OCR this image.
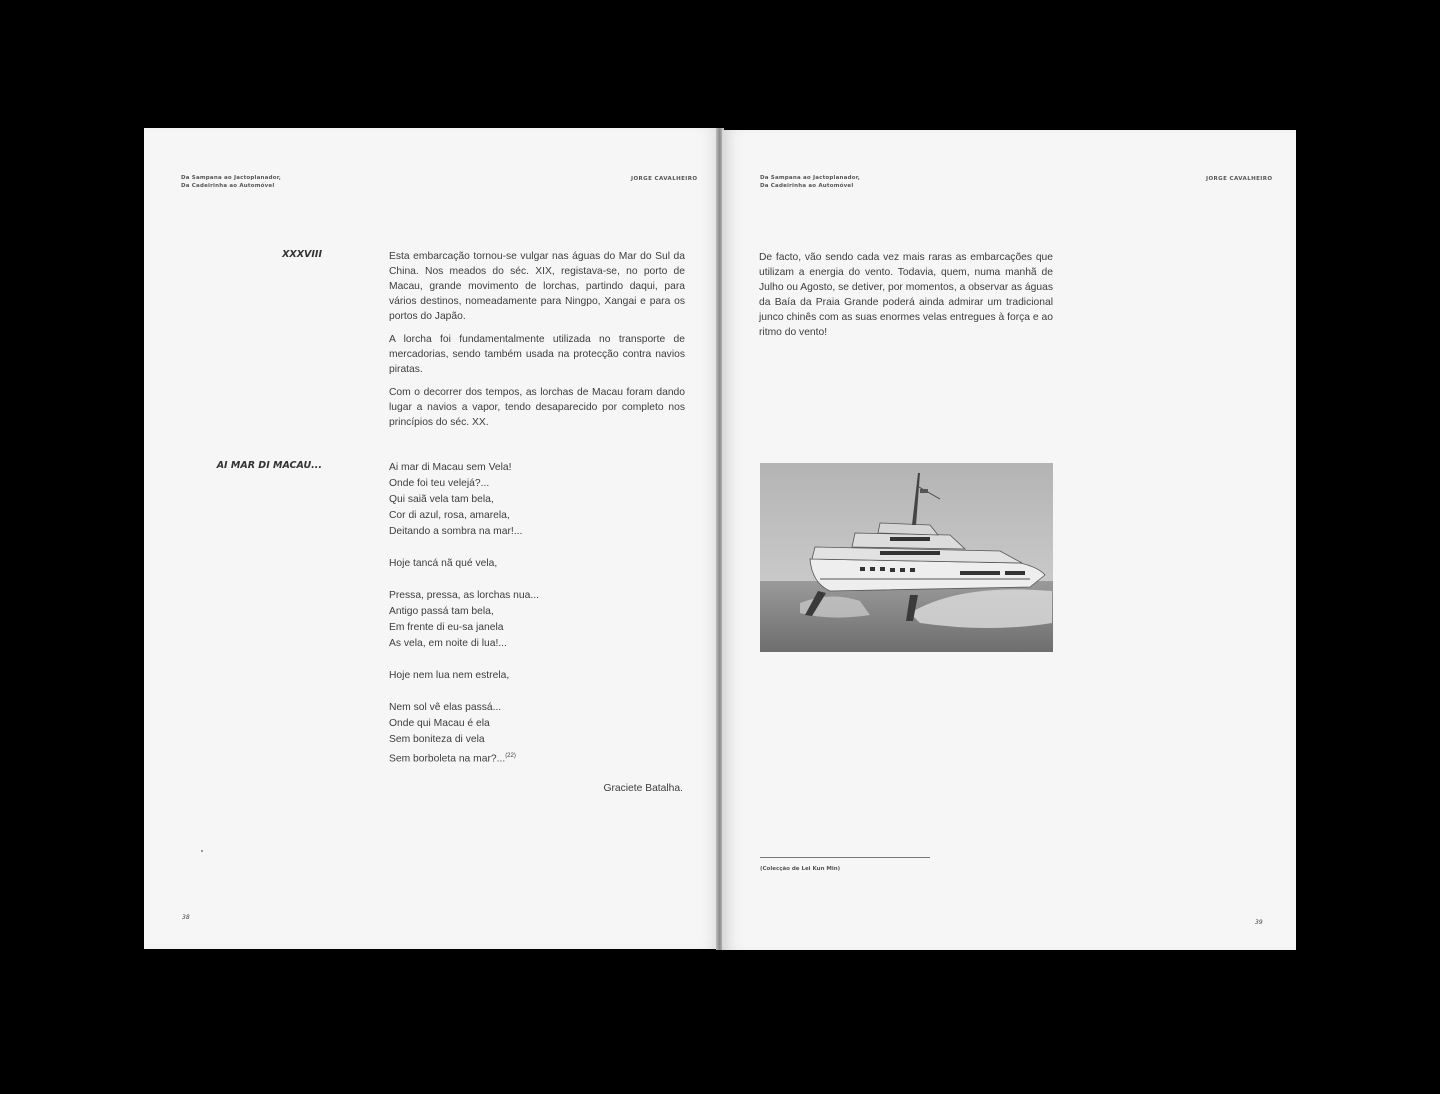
Da Sampana ao Jactoplanador,
Da Cadeirinha ao Automóvel
JORGE CAVALHEIRO
XXXVIII	Esta embarcação tornou-se vulgar nas águas do Mar do Sul da China. Nos meados do séc. XIX, registava-se, no porto de Macau, grande movimento de lorchas, partindo daqui, para vários destinos, nomeadamente para Ningpo, Xangai e para os portos do Japão.

A lorcha foi fundamentalmente utilizada no transporte de mercadorias, sendo também usada na protecção contra navios piratas.

Com o decorrer dos tempos, as lorchas de Macau foram dando lugar a navios a vapor, tendo desaparecido por completo nos princípios do séc. XX.

AI MAR DI MACAU...	Ai mar di Macau sem Vela!
Onde foi teu velejá?...
Qui saiã vela tam bela,
Cor di azul, rosa, amarela,
Deitando a sombra na mar!...
Hoje tancá nã qué vela,
Pressa, pressa, as lorchas nua...
Antigo passá tam bela,
Em frente di eu-sa janela
As vela, em noite di lua!...
Hoje nem lua nem estrela,
Nem sol vê elas passá...
Onde qui Macau é ela
Sem boniteza di vela
Sem borboleta na mar?...$^{(22)}$
Graciete Batalha.
38
Da Sampana ao Jactoplanador,
Da Cadeirinha ao Automóvel
JORGE CAVALHEIRO

De facto, vão sendo cada vez mais raras as embarcações que utilizam a energia do vento. Todavia, quem, numa manhã de Julho ou Agosto, se detiver, por momentos, a observar as águas da Baía da Praia Grande poderá ainda admirar um tradicional junco chinês com as suas enormes velas entregues à força e ao ritmo do vento!

(Colecção de Lei Kun Min)
39
